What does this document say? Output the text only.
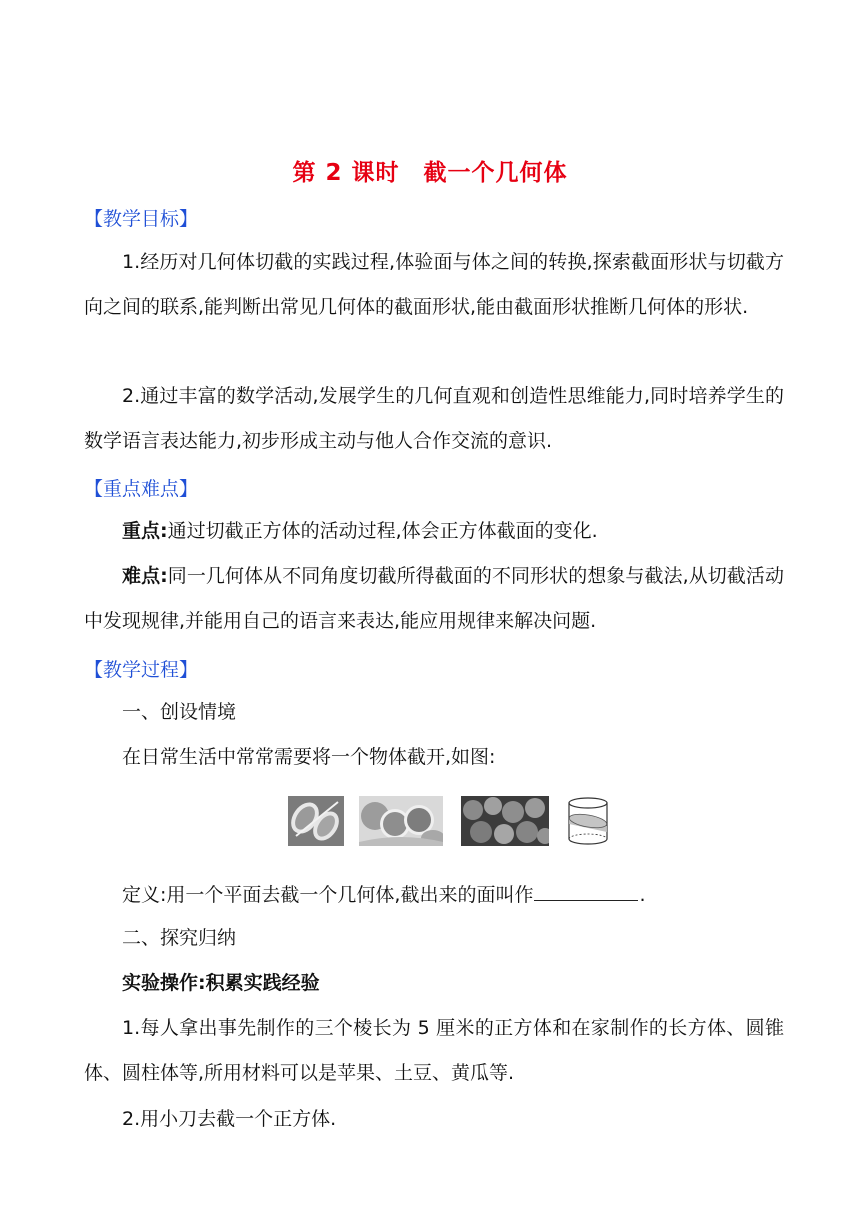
第 2 课时　截一个几何体
【教学目标】

1.经历对几何体切截的实践过程,体验面与体之间的转换,探索截面形状与切截方向之间的联系,能判断出常见几何体的截面形状,能由截面形状推断几何体的形状.

2.通过丰富的数学活动,发展学生的几何直观和创造性思维能力,同时培养学生的数学语言表达能力,初步形成主动与他人合作交流的意识.

【重点难点】

重点:通过切截正方体的活动过程,体会正方体截面的变化.

难点:同一几何体从不同角度切截所得截面的不同形状的想象与截法,从切截活动中发现规律,并能用自己的语言来表达,能应用规律来解决问题.

【教学过程】
一、创设情境
在日常生活中常常需要将一个物体截开,如图:
定义:用一个平面去截一个几何体,截出来的面叫作	.
二、探究归纳
实验操作:积累实践经验

1.每人拿出事先制作的三个棱长为 5 厘米的正方体和在家制作的长方体、圆锥体、圆柱体等,所用材料可以是苹果、土豆、黄瓜等.

2.用小刀去截一个正方体.
